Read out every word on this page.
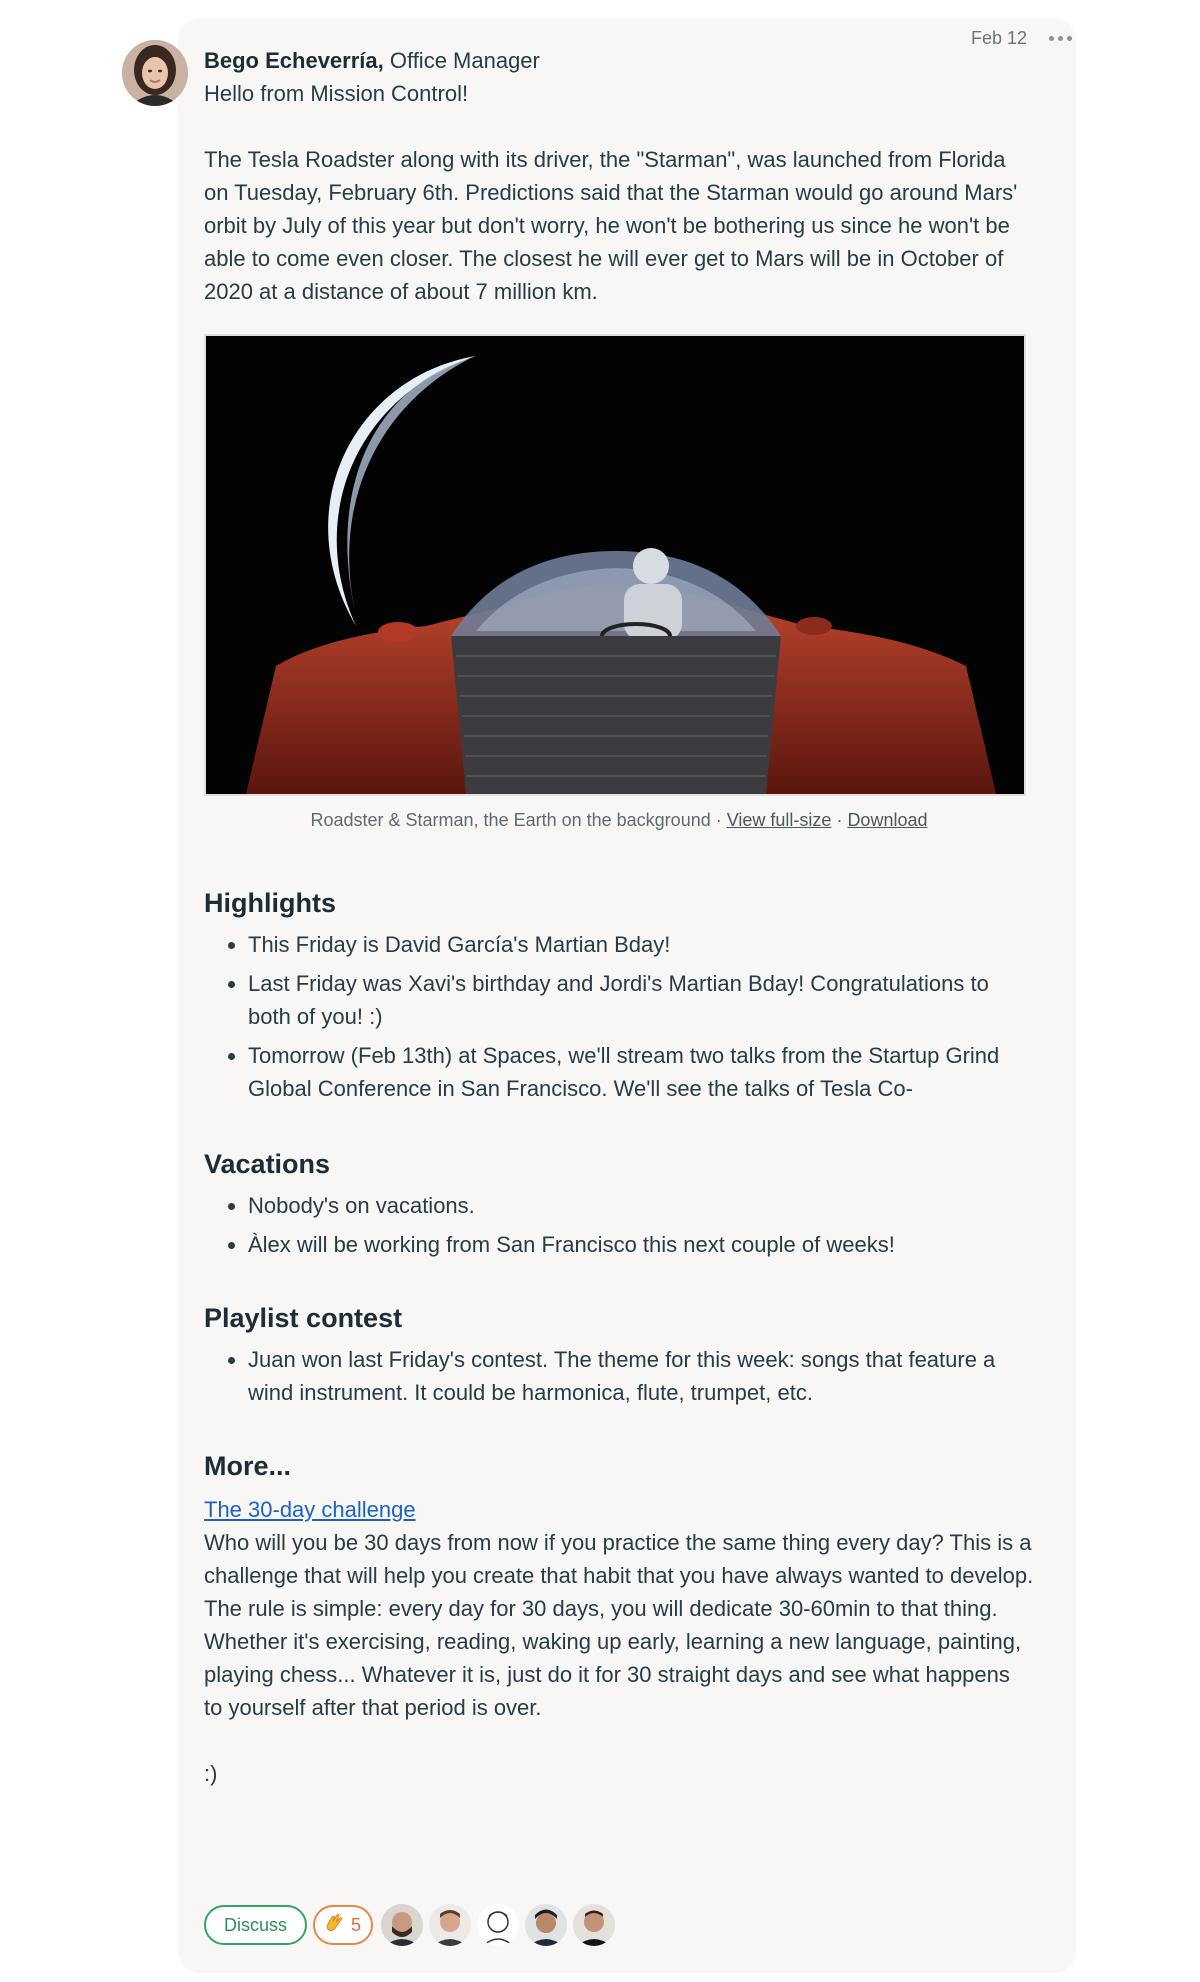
Feb 12

Bego Echeverría, Office Manager

Hello from Mission Control!

The Tesla Roadster along with its driver, the "Starman", was launched from Florida on Tuesday, February 6th. Predictions said that the Starman would go around Mars' orbit by July of this year but don't worry, he won't be bothering us since he won't be able to come even closer. The closest he will ever get to Mars will be in October of 2020 at a distance of about 7 million km.

Roadster & Starman, the Earth on the background · View full-size · Download
Highlights
• This Friday is David García's Martian Bday!
• Last Friday was Xavi's birthday and Jordi's Martian Bday! Congratulations to both of you! :)
• Tomorrow (Feb 13th) at Spaces, we'll stream two talks from the Startup Grind Global Conference in San Francisco. We'll see the talks of Tesla Co-
Vacations
• Nobody's on vacations.
• Àlex will be working from San Francisco this next couple of weeks!
Playlist contest
• Juan won last Friday's contest. The theme for this week: songs that feature a wind instrument. It could be harmonica, flute, trumpet, etc.
More...
The 30-day challenge

Who will you be 30 days from now if you practice the same thing every day? This is a challenge that will help you create that habit that you have always wanted to develop. The rule is simple: every day for 30 days, you will dedicate 30-60min to that thing. Whether it's exercising, reading, waking up early, learning a new language, painting, playing chess... Whatever it is, just do it for 30 straight days and see what happens to yourself after that period is over.

:)

Discuss	5
